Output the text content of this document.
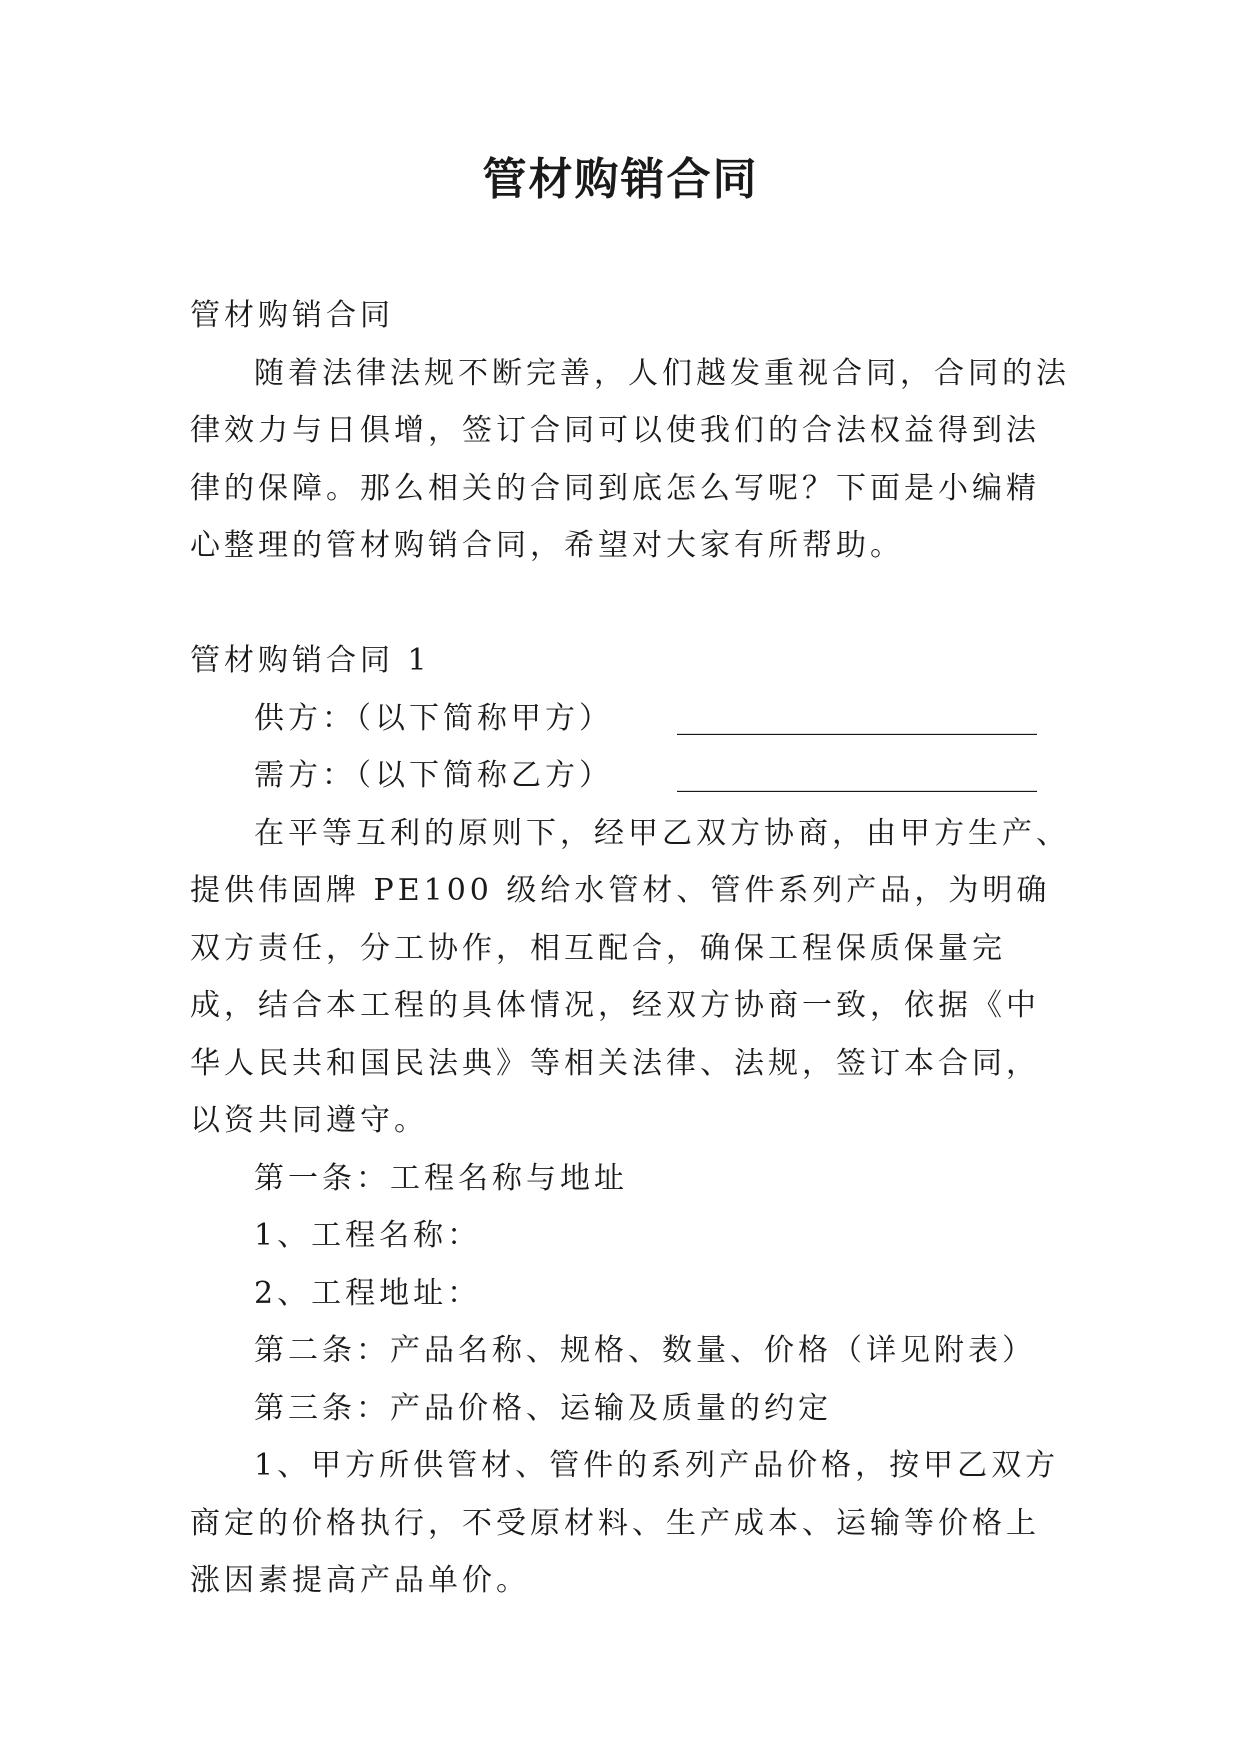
管材购销合同

管材购销合同

随着法律法规不断完善，人们越发重视合同，合同的法律效力与日俱增，签订合同可以使我们的合法权益得到法律的保障。那么相关的合同到底怎么写呢？下面是小编精心整理的管材购销合同，希望对大家有所帮助。

管材购销合同 1

供方：（以下简称甲方） ________________________

需方：（以下简称乙方） ________________________

在平等互利的原则下，经甲乙双方协商，由甲方生产、提供伟固牌 PE100 级给水管材、管件系列产品，为明确双方责任，分工协作，相互配合，确保工程保质保量完成，结合本工程的具体情况，经双方协商一致，依据《中华人民共和国民法典》等相关法律、法规，签订本合同，以资共同遵守。

第一条：工程名称与地址

1、工程名称：

2、工程地址：

第二条：产品名称、规格、数量、价格（详见附表）

第三条：产品价格、运输及质量的约定

1、甲方所供管材、管件的系列产品价格，按甲乙双方商定的价格执行，不受原材料、生产成本、运输等价格上涨因素提高产品单价。
